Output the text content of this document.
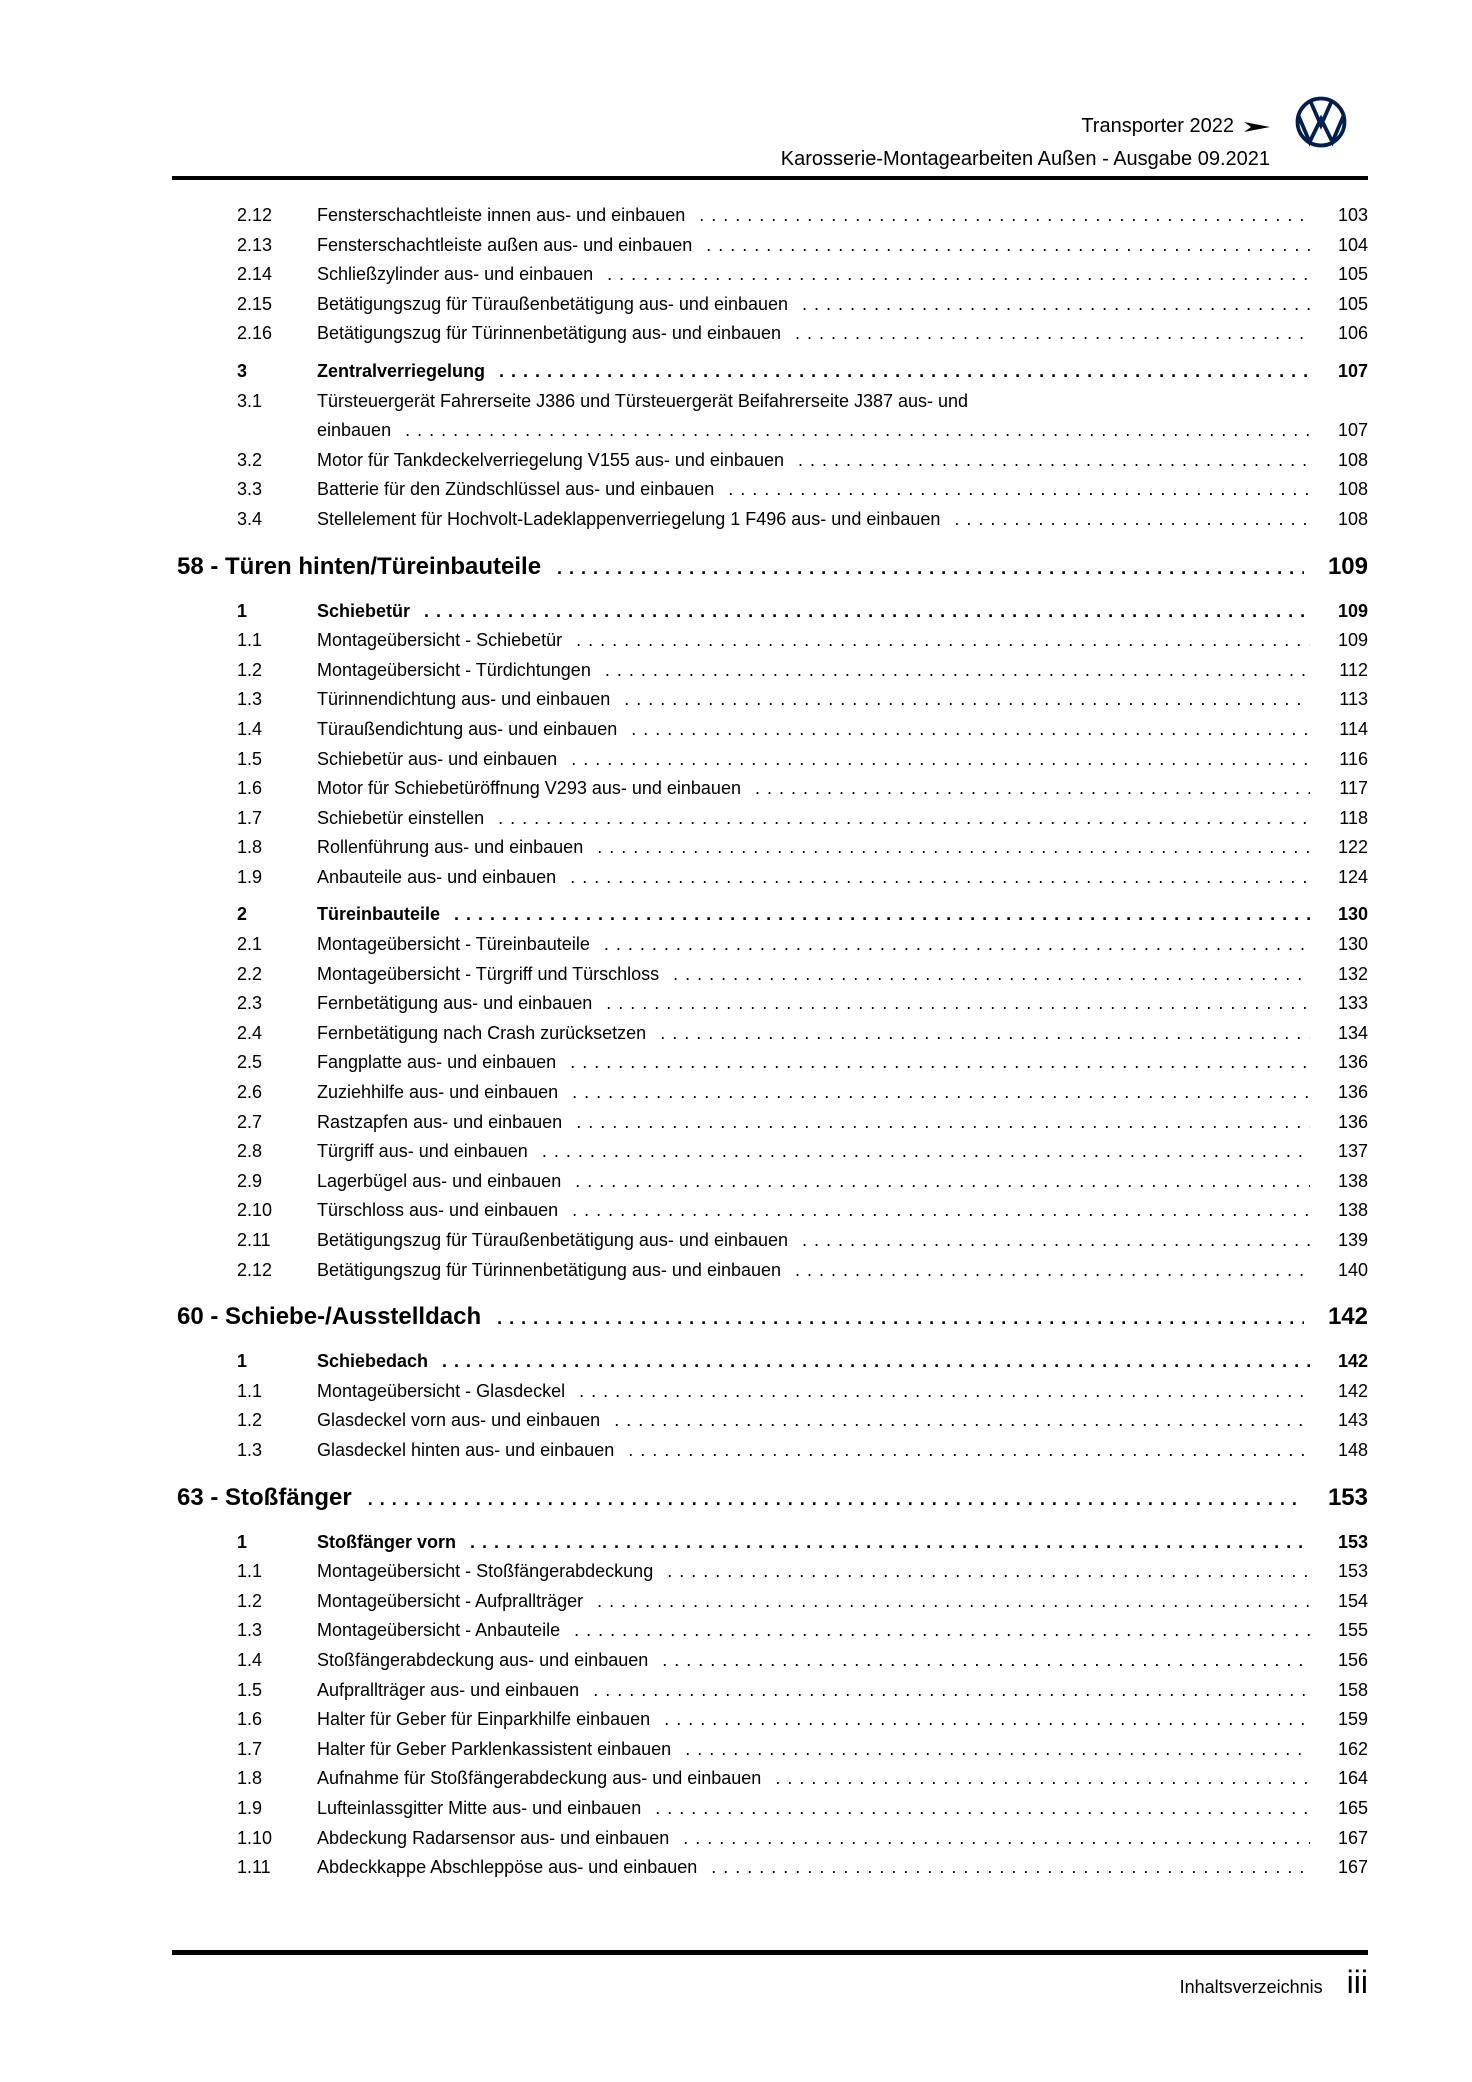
Transporter 2022
Karosserie-Montagearbeiten Außen - Ausgabe 09.2021
2.12	Fensterschachtleiste innen aus- und einbauen . . .	103
2.13	Fensterschachtleiste außen aus- und einbauen . . .	104
2.14	Schließzylinder aus- und einbauen . . .	105
2.15	Betätigungszug für Türaußenbetätigung aus- und einbauen . . .	105
2.16	Betätigungszug für Türinnenbetätigung aus- und einbauen . . .	106
3	Zentralverriegelung . . .	107
3.1	Türsteuergerät Fahrerseite J386 und Türsteuergerät Beifahrerseite J387 aus- und
einbauen . . .	107
3.2	Motor für Tankdeckelverriegelung V155 aus- und einbauen . . .	108
3.3	Batterie für den Zündschlüssel aus- und einbauen . . .	108
3.4	Stellelement für Hochvolt-Ladeklappenverriegelung 1 F496 aus- und einbauen . . .	108
58 - Türen hinten/Türeinbauteile . . .	109
1	Schiebetür . . .	109
1.1	Montageübersicht - Schiebetür . . .	109
1.2	Montageübersicht - Türdichtungen . . .	112
1.3	Türinnendichtung aus- und einbauen . . .	113
1.4	Türaußendichtung aus- und einbauen . . .	114
1.5	Schiebetür aus- und einbauen . . .	116
1.6	Motor für Schiebetüröffnung V293 aus- und einbauen . . .	117
1.7	Schiebetür einstellen . . .	118
1.8	Rollenführung aus- und einbauen . . .	122
1.9	Anbauteile aus- und einbauen . . .	124
2	Türeinbauteile . . .	130
2.1	Montageübersicht - Türeinbauteile . . .	130
2.2	Montageübersicht - Türgriff und Türschloss . . .	132
2.3	Fernbetätigung aus- und einbauen . . .	133
2.4	Fernbetätigung nach Crash zurücksetzen . . .	134
2.5	Fangplatte aus- und einbauen . . .	136
2.6	Zuziehhilfe aus- und einbauen . . .	136
2.7	Rastzapfen aus- und einbauen . . .	136
2.8	Türgriff aus- und einbauen . . .	137
2.9	Lagerbügel aus- und einbauen . . .	138
2.10	Türschloss aus- und einbauen . . .	138
2.11	Betätigungszug für Türaußenbetätigung aus- und einbauen . . .	139
2.12	Betätigungszug für Türinnenbetätigung aus- und einbauen . . .	140
60 - Schiebe-/Ausstelldach . . .	142
1	Schiebedach . . .	142
1.1	Montageübersicht - Glasdeckel . . .	142
1.2	Glasdeckel vorn aus- und einbauen . . .	143
1.3	Glasdeckel hinten aus- und einbauen . . .	148
63 - Stoßfänger . . .	153
1	Stoßfänger vorn . . .	153
1.1	Montageübersicht - Stoßfängerabdeckung . . .	153
1.2	Montageübersicht - Aufprallträger . . .	154
1.3	Montageübersicht - Anbauteile . . .	155
1.4	Stoßfängerabdeckung aus- und einbauen . . .	156
1.5	Aufprallträger aus- und einbauen . . .	158
1.6	Halter für Geber für Einparkhilfe einbauen . . .	159
1.7	Halter für Geber Parklenkassistent einbauen . . .	162
1.8	Aufnahme für Stoßfängerabdeckung aus- und einbauen . . .	164
1.9	Lufteinlassgitter Mitte aus- und einbauen . . .	165
1.10	Abdeckung Radarsensor aus- und einbauen . . .	167
1.11	Abdeckkappe Abschleppöse aus- und einbauen . . .	167
Inhaltsverzeichnis iii
